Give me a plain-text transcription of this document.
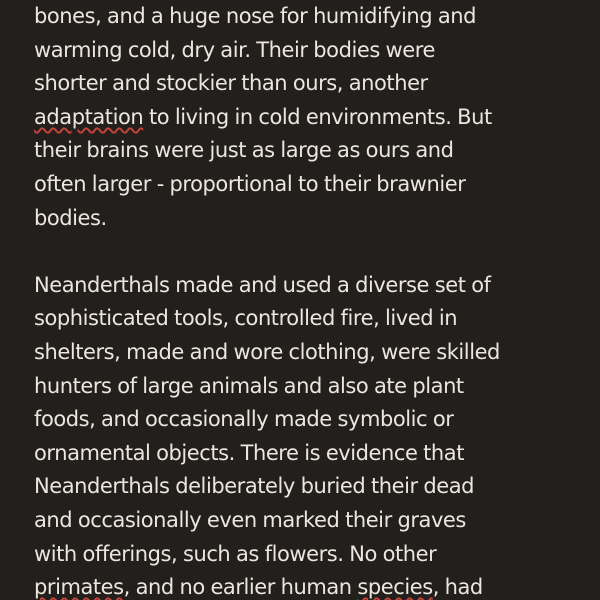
bones, and a huge nose for humidifying and
warming cold, dry air. Their bodies were
shorter and stockier than ours, another
adaptation to living in cold environments. But
their brains were just as large as ours and
often larger - proportional to their brawnier
bodies.
Neanderthals made and used a diverse set of
sophisticated tools, controlled fire, lived in
shelters, made and wore clothing, were skilled
hunters of large animals and also ate plant
foods, and occasionally made symbolic or
ornamental objects. There is evidence that
Neanderthals deliberately buried their dead
and occasionally even marked their graves
with offerings, such as flowers. No other
primates, and no earlier human species, had
